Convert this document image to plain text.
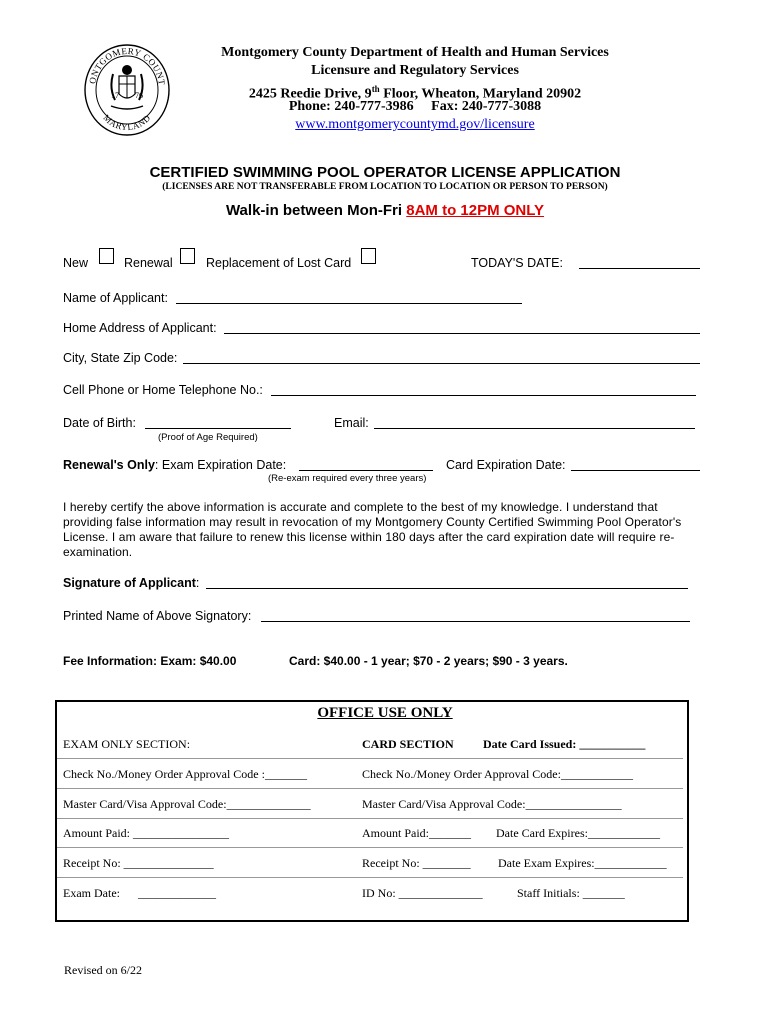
ONTGOMERY COUNT
MARYLAND
17 76
Montgomery County Department of Health and Human Services
Licensure and Regulatory Services
2425 Reedie Drive, 9th Floor, Wheaton, Maryland 20902
Phone: 240-777-3986     Fax: 240-777-3088
www.montgomerycountymd.gov/licensure
CERTIFIED SWIMMING POOL OPERATOR LICENSE APPLICATION
(LICENSES ARE NOT TRANSFERABLE FROM LOCATION TO LOCATION OR PERSON TO PERSON)
Walk-in between Mon-Fri 8AM to 12PM ONLY
New	Renewal	Replacement of Lost Card	TODAY'S DATE:
Name of Applicant:
Home Address of Applicant:
City, State Zip Code:
Cell Phone or Home Telephone No.:
Date of Birth:
(Proof of Age Required)
Email:
Renewal's Only: Exam Expiration Date:	Card Expiration Date:
(Re-exam required every three years)
I hereby certify the above information is accurate and complete to the best of my knowledge. I understand that providing false information may result in revocation of my Montgomery County Certified Swimming Pool Operator's License. I am aware that failure to renew this license within 180 days after the card expiration date will require re-examination.
Signature of Applicant:
Printed Name of Above Signatory:
Fee Information: Exam: $40.00	Card: $40.00 - 1 year; $70 - 2 years; $90 - 3 years.
OFFICE USE ONLY
EXAM ONLY SECTION:	CARD SECTION Date Card Issued: ___________
Check No./Money Order Approval Code :_______	Check No./Money Order Approval Code:____________
Master Card/Visa Approval Code:______________	Master Card/Visa Approval Code:________________
Amount Paid: ________________	Amount Paid:_______ Date Card Expires:____________
Receipt No: _______________	Receipt No: ________ Date Exam Expires:____________
Exam Date:      _____________	ID No: ______________	Staff Initials: _______
Revised on 6/22
